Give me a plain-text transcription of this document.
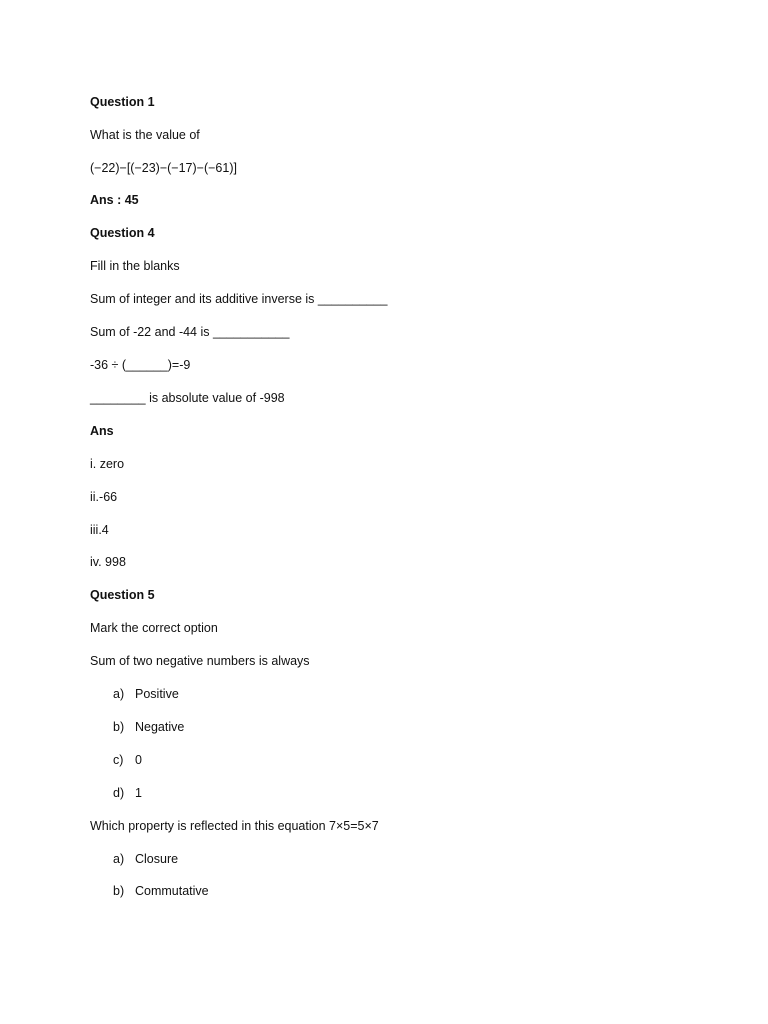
Question 1
What is the value of
(−22)−[(−23)−(−17)−(−61)]
Ans : 45
Question 4
Fill in the blanks
Sum of integer and its additive inverse is __________
Sum of -22 and -44 is ___________
-36 ÷ (______)=-9
________ is absolute value of -998
Ans
i. zero
ii.-66
iii.4
iv. 998
Question 5
Mark the correct option
Sum of two negative numbers is always
a) Positive
b) Negative
c) 0
d) 1
Which property is reflected in this equation 7×5=5×7
a) Closure
b) Commutative
